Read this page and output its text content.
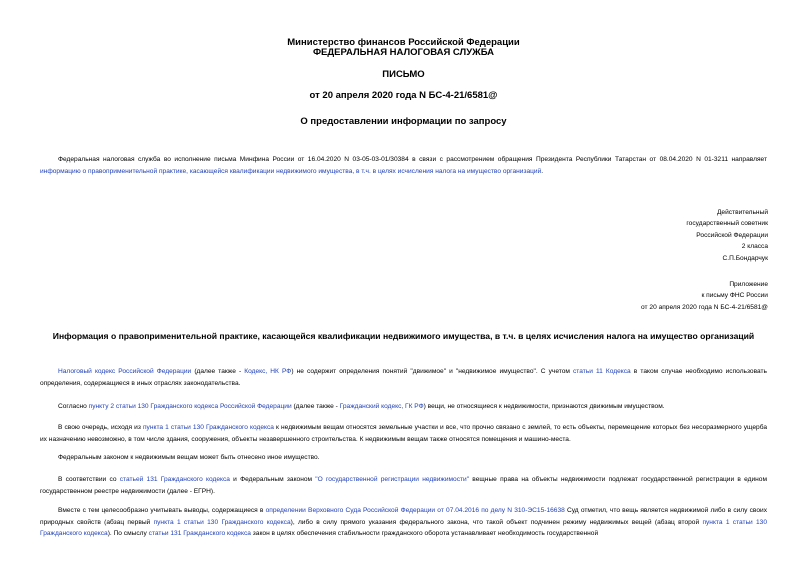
Министерство финансов Российской Федерации
ФЕДЕРАЛЬНАЯ НАЛОГОВАЯ СЛУЖБА
ПИСЬМО
от 20 апреля 2020 года N БС-4-21/6581@
О предоставлении информации по запросу
Федеральная налоговая служба во исполнение письма Минфина России от 16.04.2020 N 03-05-03-01/30384 в связи с рассмотрением обращения Президента Республики Татарстан от 08.04.2020 N 01-3211 направляет информацию о правоприменительной практике, касающейся квалификации недвижимого имущества, в т.ч. в целях исчисления налога на имущество организаций.
Действительный
государственный советник
Российской Федерации
2 класса
С.П.Бондарчук
Приложение
к письму ФНС России
от 20 апреля 2020 года N БС-4-21/6581@
Информация о правоприменительной практике, касающейся квалификации недвижимого имущества, в т.ч. в целях исчисления налога на имущество организаций
Налоговый кодекс Российской Федерации (далее также - Кодекс, НК РФ) не содержит определения понятий "движимое" и "недвижимое имущество". С учетом статьи 11 Кодекса в таком случае необходимо использовать определения, содержащиеся в иных отраслях законодательства.
Согласно пункту 2 статьи 130 Гражданского кодекса Российской Федерации (далее также - Гражданский кодекс, ГК РФ) вещи, не относящиеся к недвижимости, признаются движимым имуществом.
В свою очередь, исходя из пункта 1 статьи 130 Гражданского кодекса к недвижимым вещам относятся земельные участки и все, что прочно связано с землей, то есть объекты, перемещение которых без несоразмерного ущерба их назначению невозможно, в том числе здания, сооружения, объекты незавершенного строительства. К недвижимым вещам также относятся помещения и машино-места.
Федеральным законом к недвижимым вещам может быть отнесено иное имущество.
В соответствии со статьей 131 Гражданского кодекса и Федеральным законом "О государственной регистрации недвижимости" вещные права на объекты недвижимости подлежат государственной регистрации в едином государственном реестре недвижимости (далее - ЕГРН).
Вместе с тем целесообразно учитывать выводы, содержащиеся в определении Верховного Суда Российской Федерации от 07.04.2016 по делу N 310-ЭС15-16638 Суд отметил, что вещь является недвижимой либо в силу своих природных свойств (абзац первый пункта 1 статьи 130 Гражданского кодекса), либо в силу прямого указания федерального закона, что такой объект подчинен режиму недвижимых вещей (абзац второй пункта 1 статьи 130 Гражданского кодекса). По смыслу статьи 131 Гражданского кодекса закон в целях обеспечения стабильности гражданского оборота устанавливает необходимость государственной
